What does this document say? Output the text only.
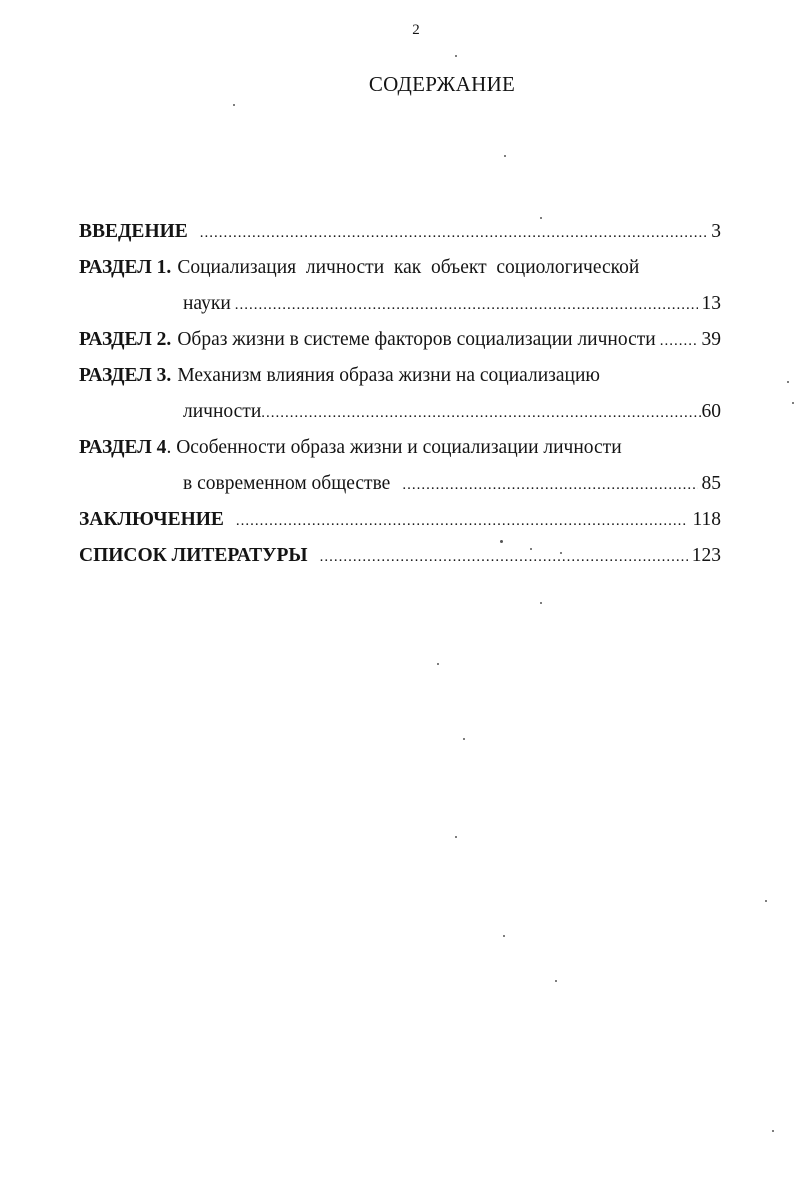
2
СОДЕРЖАНИЕ
ВВЕДЕНИЕ .....	3
РАЗДЕЛ 1. Социализация  личности  как  объект  социологической
науки .....	13
РАЗДЕЛ 2. Образ жизни в системе факторов социализации личности ..... 39
РАЗДЕЛ 3. Механизм влияния образа жизни на социализацию
личности .....	60
РАЗДЕЛ 4 . Особенности образа жизни и социализации личности
в современном обществе .....	85
ЗАКЛЮЧЕНИЕ .....	118
СПИСОК ЛИТЕРАТУРЫ .....	123
